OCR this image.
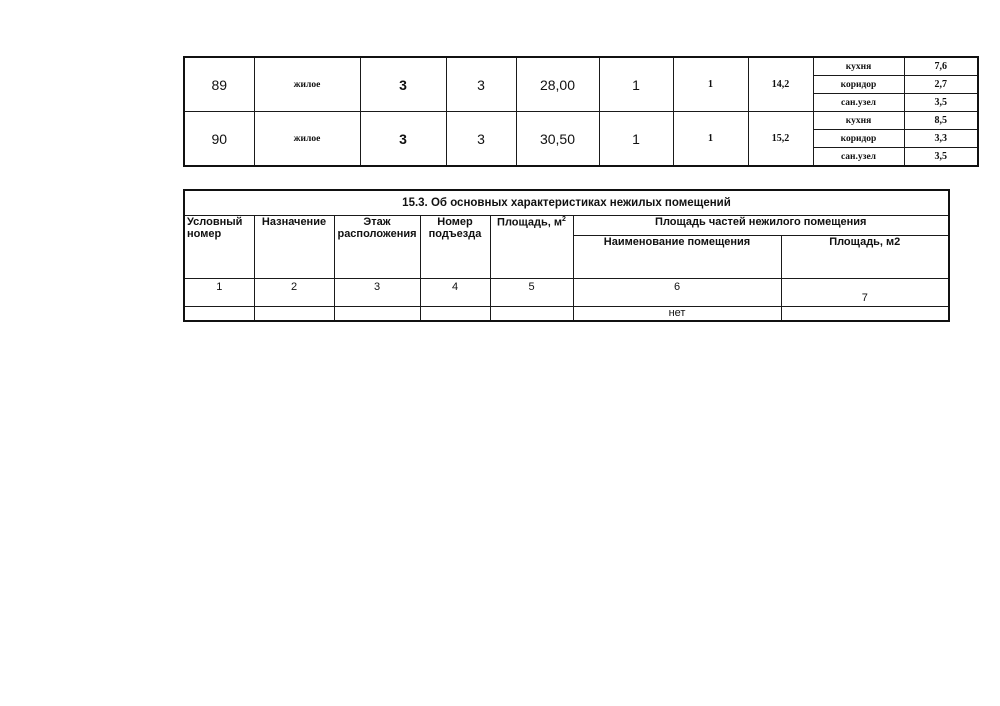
89	жилое	3	3	28,00	1	1	14,2	кухня	7,6
								коридор	2,7
								сан.узел	3,5
90	жилое	3	3	30,50	1	1	15,2	кухня	8,5
								коридор	3,3
								сан.узел	3,5
15.3. Об основных характеристиках нежилых помещений						
Условный номер	Назначение	Этаж расположения	Номер подъезда	Площадь, $м^2$	Площадь частей нежилого помещения	
					Наименование помещения	Площадь, м2
1	2	3	4	5	6	7
					нет	
